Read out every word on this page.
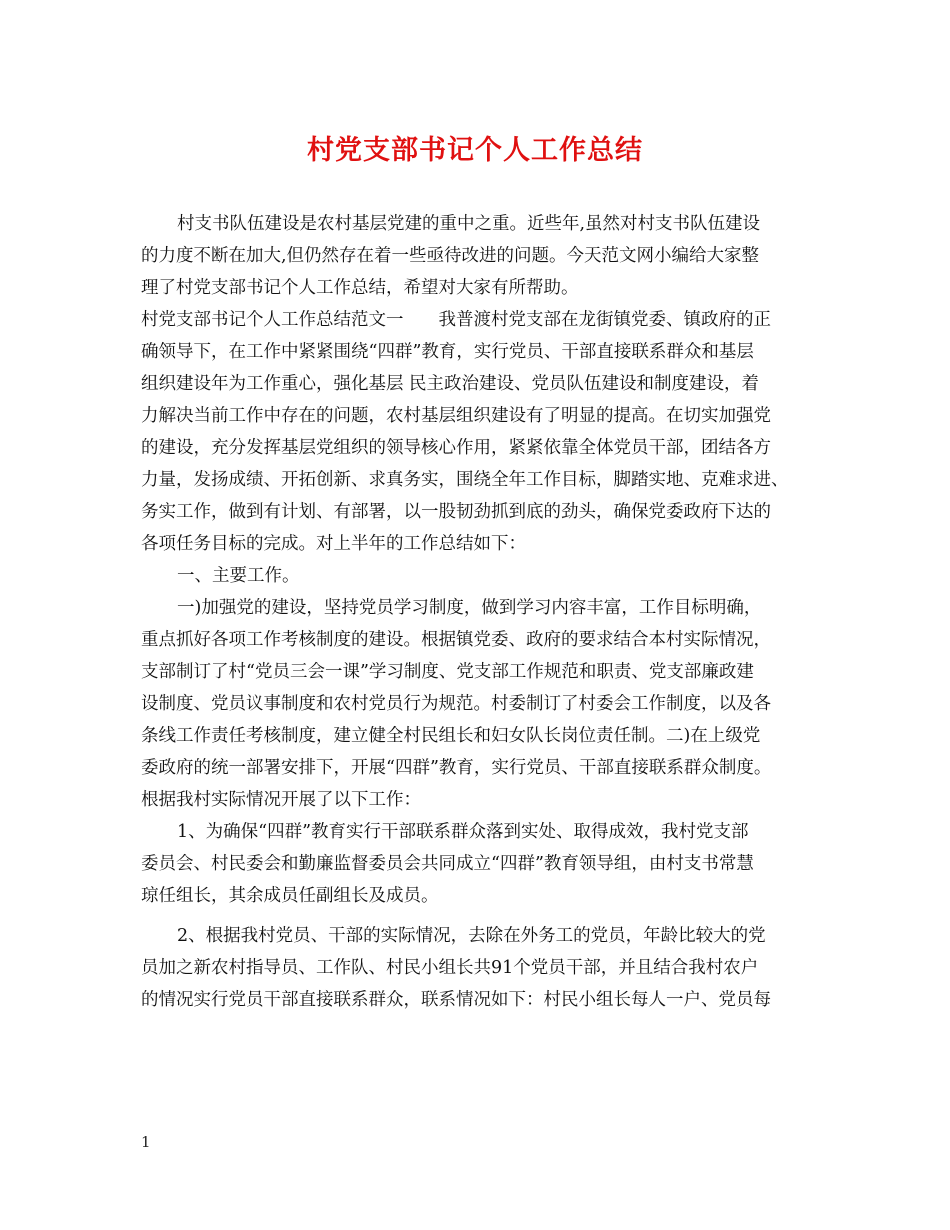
村党支部书记个人工作总结
村支书队伍建设是农村基层党建的重中之重。近些年,虽然对村支书队伍建设
的力度不断在加大,但仍然存在着一些亟待改进的问题。今天范文网小编给大家整
理了村党支部书记个人工作总结，希望对大家有所帮助。
村党支部书记个人工作总结范文一　　我普渡村党支部在龙街镇党委、镇政府的正
确领导下，在工作中紧紧围绕“四群”教育，实行党员、干部直接联系群众和基层
组织建设年为工作重心，强化基层 民主政治建设、党员队伍建设和制度建设，着
力解决当前工作中存在的问题，农村基层组织建设有了明显的提高。在切实加强党
的建设，充分发挥基层党组织的领导核心作用，紧紧依靠全体党员干部，团结各方
力量，发扬成绩、开拓创新、求真务实，围绕全年工作目标，脚踏实地、克难求进、
务实工作，做到有计划、有部署，以一股韧劲抓到底的劲头，确保党委政府下达的
各项任务目标的完成。对上半年的工作总结如下：
一、主要工作。
一)加强党的建设，坚持党员学习制度，做到学习内容丰富，工作目标明确，
重点抓好各项工作考核制度的建设。根据镇党委、政府的要求结合本村实际情况，
支部制订了村“党员三会一课”学习制度、党支部工作规范和职责、党支部廉政建
设制度、党员议事制度和农村党员行为规范。村委制订了村委会工作制度，以及各
条线工作责任考核制度，建立健全村民组长和妇女队长岗位责任制。二)在上级党
委政府的统一部署安排下，开展“四群”教育，实行党员、干部直接联系群众制度。
根据我村实际情况开展了以下工作：
1、为确保“四群”教育实行干部联系群众落到实处、取得成效，我村党支部
委员会、村民委会和勤廉监督委员会共同成立“四群”教育领导组，由村支书常慧
琼任组长，其余成员任副组长及成员。
2、根据我村党员、干部的实际情况，去除在外务工的党员，年龄比较大的党
员加之新农村指导员、工作队、村民小组长共91个党员干部，并且结合我村农户
的情况实行党员干部直接联系群众，联系情况如下：村民小组长每人一户、党员每
1
